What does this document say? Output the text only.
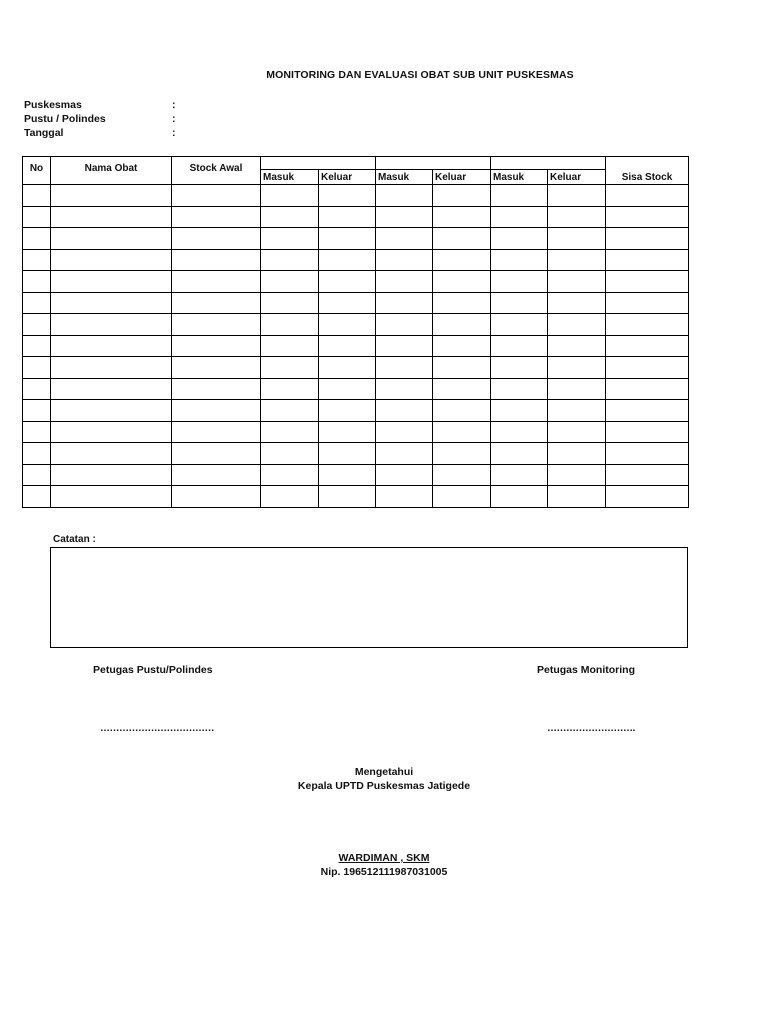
MONITORING DAN EVALUASI OBAT SUB UNIT PUSKESMAS
Puskesmas	:
Pustu / Polindes	:
Tanggal	:
No	Nama Obat	Stock Awal							Sisa Stock
			Masuk	Keluar	Masuk	Keluar	Masuk	Keluar	

Catatan :
Petugas Pustu/Polindes	Petugas Monitoring
………………………………	……………………….
Mengetahui
Kepala UPTD Puskesmas Jatigede
WARDIMAN , SKM
Nip. 196512111987031005
